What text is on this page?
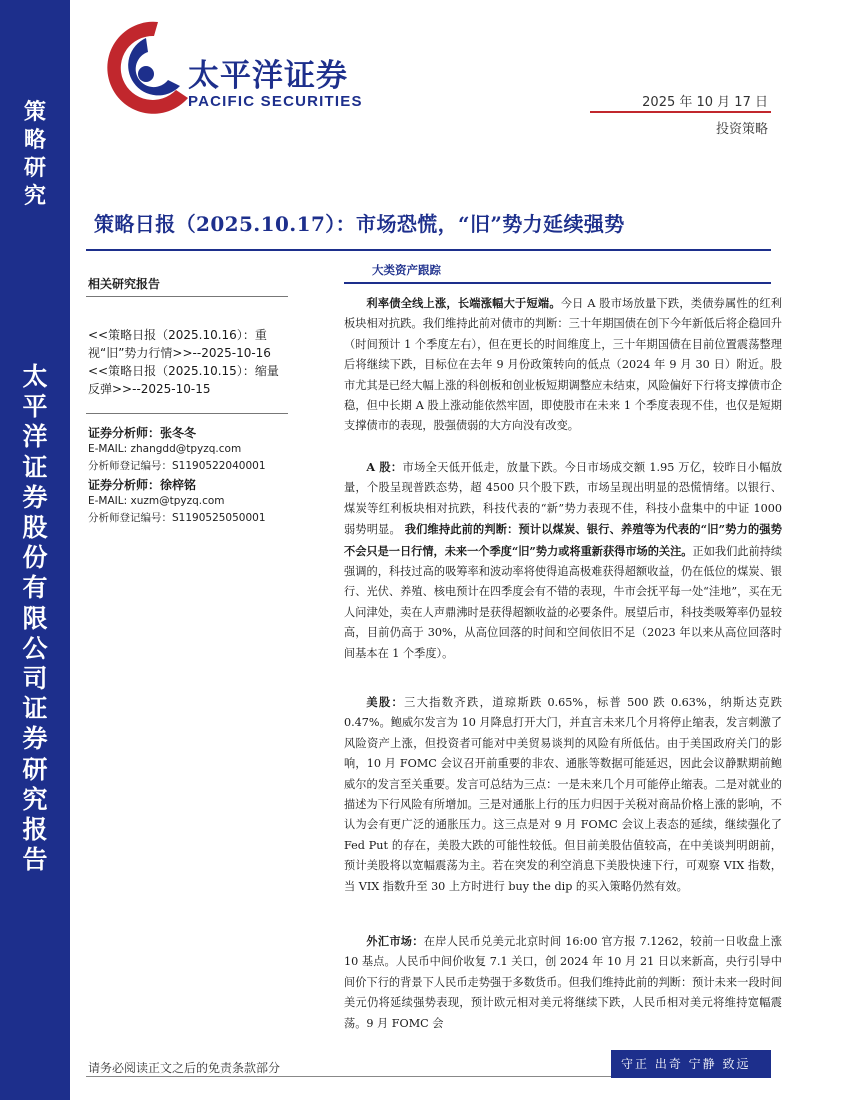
策
略
研
究
太
平
洋
证
券
股
份
有
限
公
司
证
券
研
究
报
告
太平洋证券
PACIFIC SECURITIES	2025 年 10 月 17 日
投资策略
策略日报（2025.10.17）：市场恐慌，“旧”势力延续强势
相关研究报告
<<策略日报（2025.10.16）：重视“旧”势力行情>>--2025-10-16
<<策略日报（2025.10.15）：缩量反弹>>--2025-10-15
证券分析师：张冬冬
E-MAIL: zhangdd@tpyzq.com
分析师登记编号：S1190522040001
证券分析师：徐梓铭
E-MAIL: xuzm@tpyzq.com
分析师登记编号：S1190525050001
大类资产跟踪

利率债全线上涨，长端涨幅大于短端。今日 A 股市场放量下跌，类债券属性的红利板块相对抗跌。我们维持此前对债市的判断：三十年期国债在创下今年新低后将企稳回升（时间预计 1 个季度左右），但在更长的时间维度上，三十年期国债在目前位置震荡整理后将继续下跌，目标位在去年 9 月份政策转向的低点（2024 年 9 月 30 日）附近。股市尤其是已经大幅上涨的科创板和创业板短期调整应未结束，风险偏好下行将支撑债市企稳，但中长期 A 股上涨动能依然牢固，即使股市在未来 1 个季度表现不佳，也仅是短期支撑债市的表现，股强债弱的大方向没有改变。

A 股：市场全天低开低走，放量下跌。今日市场成交额 1.95 万亿，较昨日小幅放量，个股呈现普跌态势，超 4500 只个股下跌，市场呈现出明显的恐慌情绪。以银行、煤炭等红利板块相对抗跌，科技代表的“新”势力表现不佳，科技小盘集中的中证 1000 弱势明显。 我们维持此前的判断：预计以煤炭、银行、养殖等为代表的“旧”势力的强势不会只是一日行情，未来一个季度“旧”势力或将重新获得市场的关注。正如我们此前持续强调的，科技过高的吸筹率和波动率将使得追高极难获得超额收益，仍在低位的煤炭、银行、光伏、养殖、核电预计在四季度会有不错的表现，牛市会抚平每一处“洼地”，买在无人问津处，卖在人声鼎沸时是获得超额收益的必要条件。展望后市，科技类吸筹率仍显较高，目前仍高于 30%，从高位回落的时间和空间依旧不足（2023 年以来从高位回落时间基本在 1 个季度）。

美股：三大指数齐跌，道琼斯跌 0.65%，标普 500 跌 0.63%，纳斯达克跌 0.47%。鲍威尔发言为 10 月降息打开大门，并直言未来几个月将停止缩表，发言刺激了风险资产上涨，但投资者可能对中美贸易谈判的风险有所低估。由于美国政府关门的影响，10 月 FOMC 会议召开前重要的非农、通胀等数据可能延迟，因此会议静默期前鲍威尔的发言至关重要。发言可总结为三点：一是未来几个月可能停止缩表。二是对就业的描述为下行风险有所增加。三是对通胀上行的压力归因于关税对商品价格上涨的影响，不认为会有更广泛的通胀压力。这三点是对 9 月 FOMC 会议上表态的延续，继续强化了 Fed Put 的存在，美股大跌的可能性较低。但目前美股估值较高，在中美谈判明朗前，预计美股将以宽幅震荡为主。若在突发的利空消息下美股快速下行，可观察 VIX 指数，当 VIX 指数升至 30 上方时进行 buy the dip 的买入策略仍然有效。

外汇市场：在岸人民币兑美元北京时间 16:00 官方报 7.1262，较前一日收盘上涨 10 基点。人民币中间价收复 7.1 关口，创 2024 年 10 月 21 日以来新高，央行引导中间价下行的背景下人民币走势强于多数货币。但我们维持此前的判断：预计未来一段时间美元仍将延续强势表现，预计欧元相对美元将继续下跌，人民币相对美元将维持宽幅震荡。9 月 FOMC 会

请务必阅读正文之后的免责条款部分	守正 出奇 宁静 致远
